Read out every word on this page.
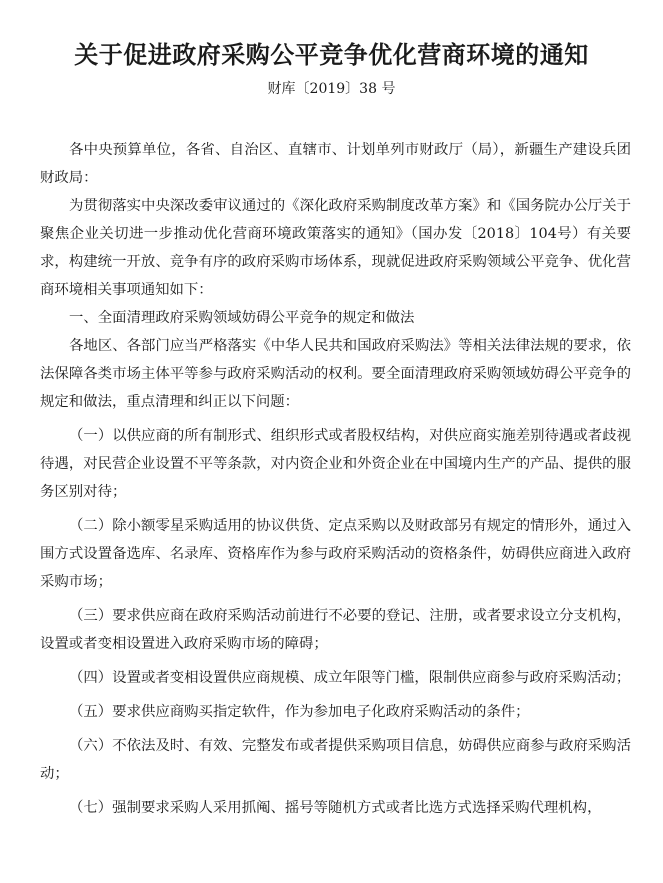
关于促进政府采购公平竞争优化营商环境的通知
财库〔2019〕38 号

各中央预算单位，各省、自治区、直辖市、计划单列市财政厅（局），新疆生产建设兵团财政局：

为贯彻落实中央深改委审议通过的《深化政府采购制度改革方案》和《国务院办公厅关于聚焦企业关切进一步推动优化营商环境政策落实的通知》（国办发〔2018〕104号）有关要求，构建统一开放、竞争有序的政府采购市场体系，现就促进政府采购领域公平竞争、优化营商环境相关事项通知如下：

一、全面清理政府采购领域妨碍公平竞争的规定和做法

各地区、各部门应当严格落实《中华人民共和国政府采购法》等相关法律法规的要求，依法保障各类市场主体平等参与政府采购活动的权利。要全面清理政府采购领域妨碍公平竞争的规定和做法，重点清理和纠正以下问题：

（一）以供应商的所有制形式、组织形式或者股权结构，对供应商实施差别待遇或者歧视待遇，对民营企业设置不平等条款，对内资企业和外资企业在中国境内生产的产品、提供的服务区别对待；

（二）除小额零星采购适用的协议供货、定点采购以及财政部另有规定的情形外，通过入围方式设置备选库、名录库、资格库作为参与政府采购活动的资格条件，妨碍供应商进入政府采购市场；

（三）要求供应商在政府采购活动前进行不必要的登记、注册，或者要求设立分支机构，设置或者变相设置进入政府采购市场的障碍；

（四）设置或者变相设置供应商规模、成立年限等门槛，限制供应商参与政府采购活动；

（五）要求供应商购买指定软件，作为参加电子化政府采购活动的条件；

（六）不依法及时、有效、完整发布或者提供采购项目信息，妨碍供应商参与政府采购活动；

（七）强制要求采购人采用抓阄、摇号等随机方式或者比选方式选择采购代理机构，
